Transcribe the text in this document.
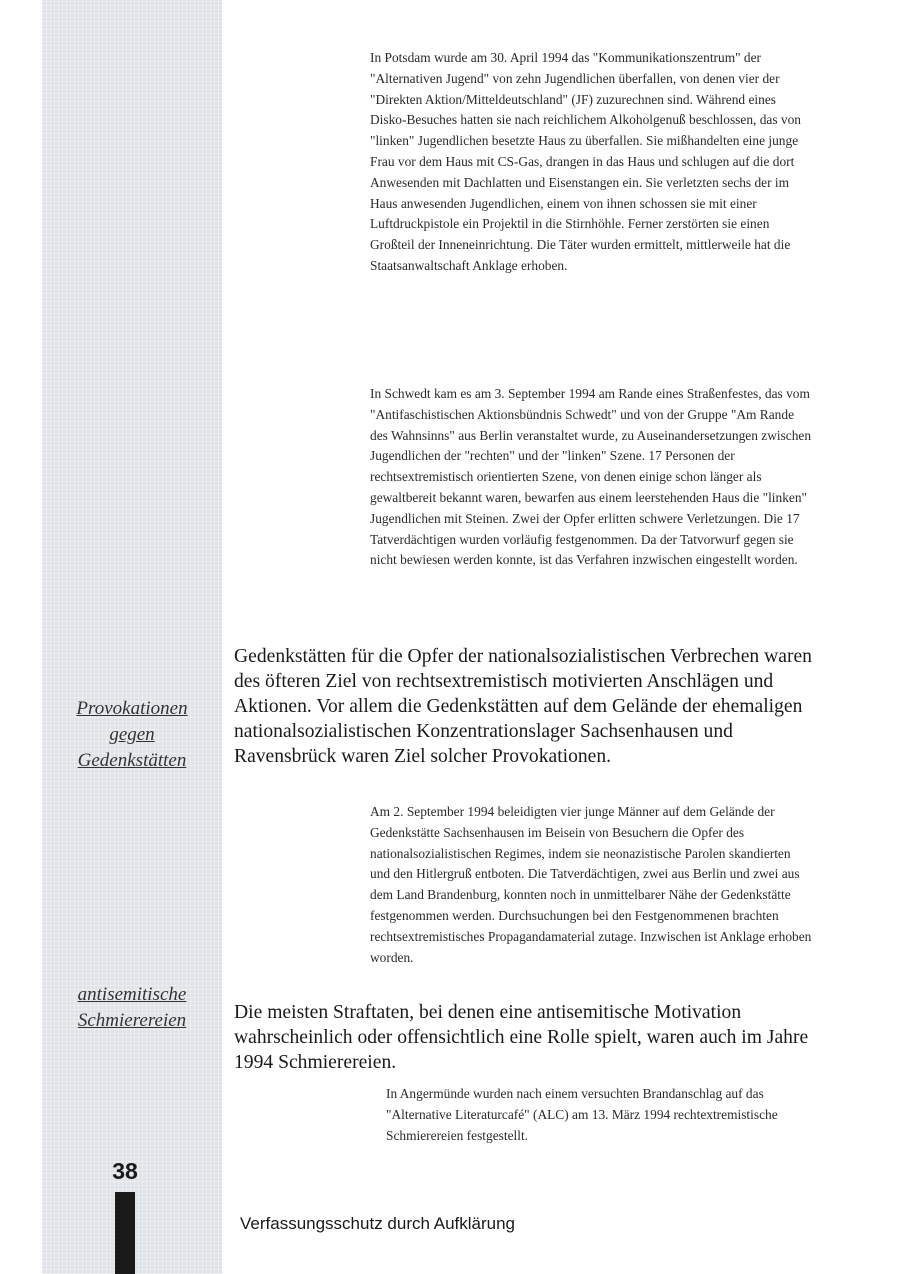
Provokationen
gegen
Gedenkstätten
antisemitische
Schmierereien
38

In Potsdam wurde am 30. April 1994 das "Kommunikationszentrum" der "Alternativen Jugend" von zehn Jugendlichen überfallen, von denen vier der "Direkten Aktion/Mitteldeutschland" (JF) zuzurechnen sind. Während eines Disko-Besuches hatten sie nach reichlichem Alkoholgenuß beschlossen, das von "linken" Jugendlichen besetzte Haus zu überfallen. Sie mißhandelten eine junge Frau vor dem Haus mit CS-Gas, drangen in das Haus und schlugen auf die dort Anwesenden mit Dachlatten und Eisenstangen ein. Sie verletzten sechs der im Haus anwesenden Jugendlichen, einem von ihnen schossen sie mit einer Luftdruckpistole ein Projektil in die Stirnhöhle. Ferner zerstörten sie einen Großteil der Inneneinrichtung. Die Täter wurden ermittelt, mittlerweile hat die Staatsanwaltschaft Anklage erhoben.

In Schwedt kam es am 3. September 1994 am Rande eines Straßenfestes, das vom "Antifaschistischen Aktionsbündnis Schwedt" und von der Gruppe "Am Rande des Wahnsinns" aus Berlin veranstaltet wurde, zu Auseinandersetzungen zwischen Jugendlichen der "rechten" und der "linken" Szene. 17 Personen der rechtsextremistisch orientierten Szene, von denen einige schon länger als gewaltbereit bekannt waren, bewarfen aus einem leerstehenden Haus die "linken" Jugendlichen mit Steinen. Zwei der Opfer erlitten schwere Verletzungen. Die 17 Tatverdächtigen wurden vorläufig festgenommen. Da der Tatvorwurf gegen sie nicht bewiesen werden konnte, ist das Verfahren inzwischen eingestellt worden.

Gedenkstätten für die Opfer der nationalsozialistischen Verbrechen waren des öfteren Ziel von rechtsextremistisch motivierten Anschlägen und Aktionen. Vor allem die Gedenkstätten auf dem Gelände der ehemaligen nationalsozialistischen Konzentrationslager Sachsenhausen und Ravensbrück waren Ziel solcher Provokationen.

Am 2. September 1994 beleidigten vier junge Männer auf dem Gelände der Gedenkstätte Sachsenhausen im Beisein von Besuchern die Opfer des nationalsozialistischen Regimes, indem sie neonazistische Parolen skandierten und den Hitlergruß entboten. Die Tatverdächtigen, zwei aus Berlin und zwei aus dem Land Brandenburg, konnten noch in unmittelbarer Nähe der Gedenkstätte festgenommen werden. Durchsuchungen bei den Festgenommenen brachten rechtsextremistisches Propagandamaterial zutage. Inzwischen ist Anklage erhoben worden.

Die meisten Straftaten, bei denen eine antisemitische Motivation wahrscheinlich oder offensichtlich eine Rolle spielt, waren auch im Jahre 1994 Schmierereien.

In Angermünde wurden nach einem versuchten Brandanschlag auf das "Alternative Literaturcafé" (ALC) am 13. März 1994 rechtextremistische Schmierereien festgestellt.

Verfassungsschutz durch Aufklärung
